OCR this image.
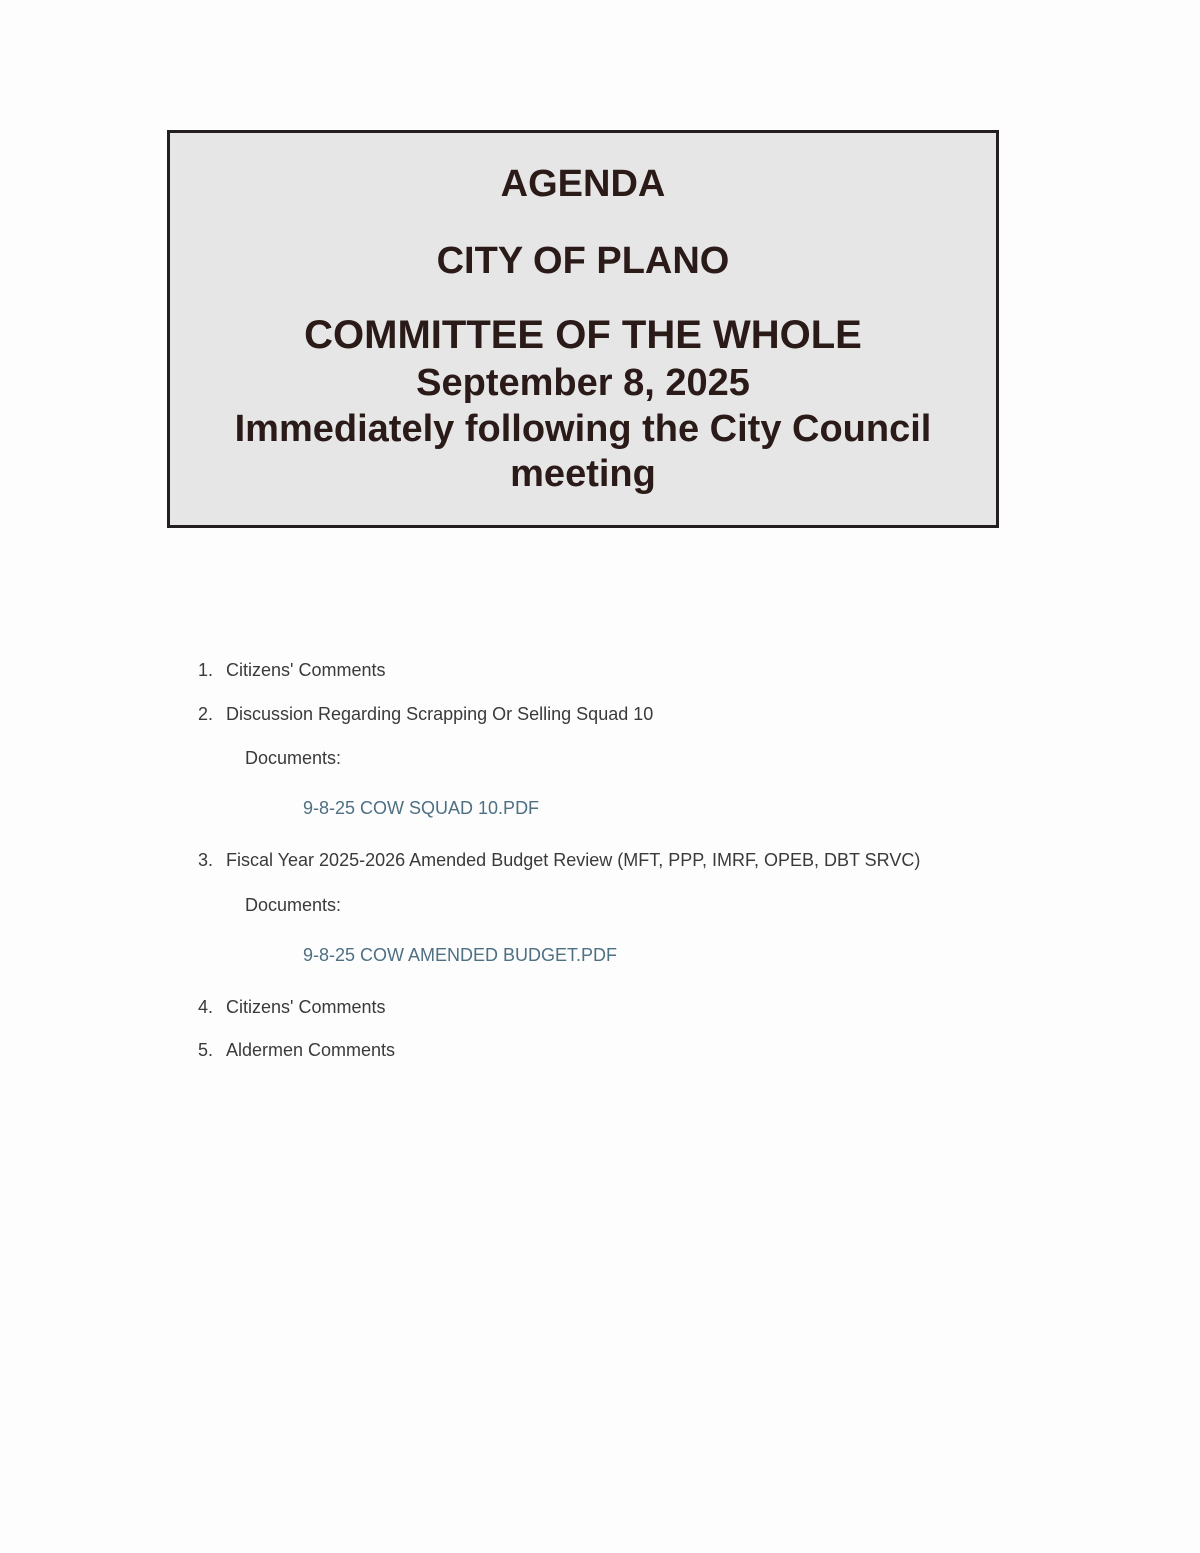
AGENDA
CITY OF PLANO
COMMITTEE OF THE WHOLE
September 8, 2025
Immediately following the City Council meeting
1. Citizens' Comments
2. Discussion Regarding Scrapping Or Selling Squad 10
Documents:
9-8-25 COW SQUAD 10.PDF
3. Fiscal Year 2025-2026 Amended Budget Review (MFT, PPP, IMRF, OPEB, DBT SRVC)
Documents:
9-8-25 COW AMENDED BUDGET.PDF
4. Citizens' Comments
5. Aldermen Comments
